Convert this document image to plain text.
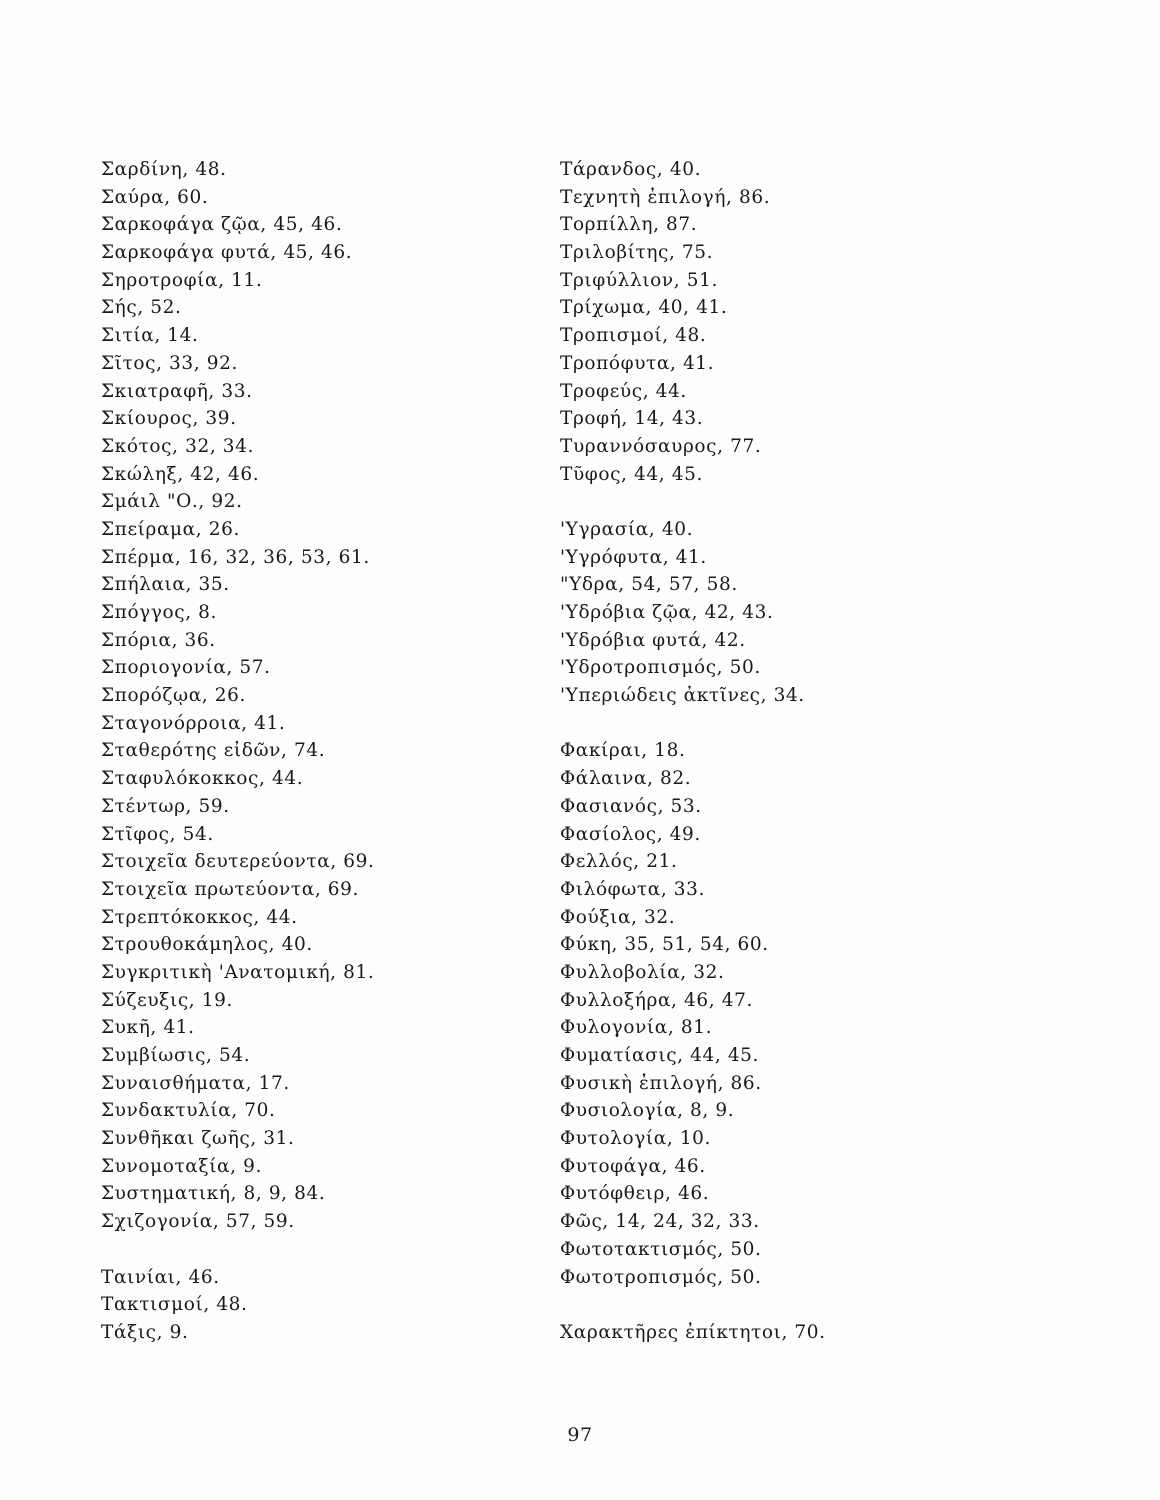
Σαρδίνη, 48.
Σαύρα, 60.
Σαρκοφάγα ζῷα, 45, 46.
Σαρκοφάγα φυτά, 45, 46.
Σηροτροφία, 11.
Σής, 52.
Σιτία, 14.
Σῖτος, 33, 92.
Σκιατραφῆ, 33.
Σκίουρος, 39.
Σκότος, 32, 34.
Σκώληξ, 42, 46.
Σμάιλ "Ο., 92.
Σπείραμα, 26.
Σπέρμα, 16, 32, 36, 53, 61.
Σπήλαια, 35.
Σπόγγος, 8.
Σπόρια, 36.
Σποριογονία, 57.
Σπορόζῳα, 26.
Σταγονόρροια, 41.
Σταθερότης εἰδῶν, 74.
Σταφυλόκοκκος, 44.
Στέντωρ, 59.
Στῖφος, 54.
Στοιχεῖα δευτερεύοντα, 69.
Στοιχεῖα πρωτεύοντα, 69.
Στρεπτόκοκκος, 44.
Στρουθοκάμηλος, 40.
Συγκριτικὴ 'Ανατομική, 81.
Σύζευξις, 19.
Συκῆ, 41.
Συμβίωσις, 54.
Συναισθήματα, 17.
Συνδακτυλία, 70.
Συνθῆκαι ζωῆς, 31.
Συνομοταξία, 9.
Συστηματική, 8, 9, 84.
Σχιζογονία, 57, 59.
Ταινίαι, 46.
Τακτισμοί, 48.
Τάξις, 9.
Τάρανδος, 40.
Τεχνητὴ ἐπιλογή, 86.
Τορπίλλη, 87.
Τριλοβίτης, 75.
Τριφύλλιον, 51.
Τρίχωμα, 40, 41.
Τροπισμοί, 48.
Τροπόφυτα, 41.
Τροφεύς, 44.
Τροφή, 14, 43.
Τυραννόσαυρος, 77.
Τῦφος, 44, 45.
'Υγρασία, 40.
'Υγρόφυτα, 41.
"Υδρα, 54, 57, 58.
'Υδρόβια ζῷα, 42, 43.
'Υδρόβια φυτά, 42.
'Υδροτροπισμός, 50.
'Υπεριώδεις ἀκτῖνες, 34.
Φακίραι, 18.
Φάλαινα, 82.
Φασιανός, 53.
Φασίολος, 49.
Φελλός, 21.
Φιλόφωτα, 33.
Φούξια, 32.
Φύκη, 35, 51, 54, 60.
Φυλλοβολία, 32.
Φυλλοξήρα, 46, 47.
Φυλογονία, 81.
Φυματίασις, 44, 45.
Φυσικὴ ἐπιλογή, 86.
Φυσιολογία, 8, 9.
Φυτολογία, 10.
Φυτοφάγα, 46.
Φυτόφθειρ, 46.
Φῶς, 14, 24, 32, 33.
Φωτοτακτισμός, 50.
Φωτοτροπισμός, 50.
Χαρακτῆρες ἐπίκτητοι, 70.
97
